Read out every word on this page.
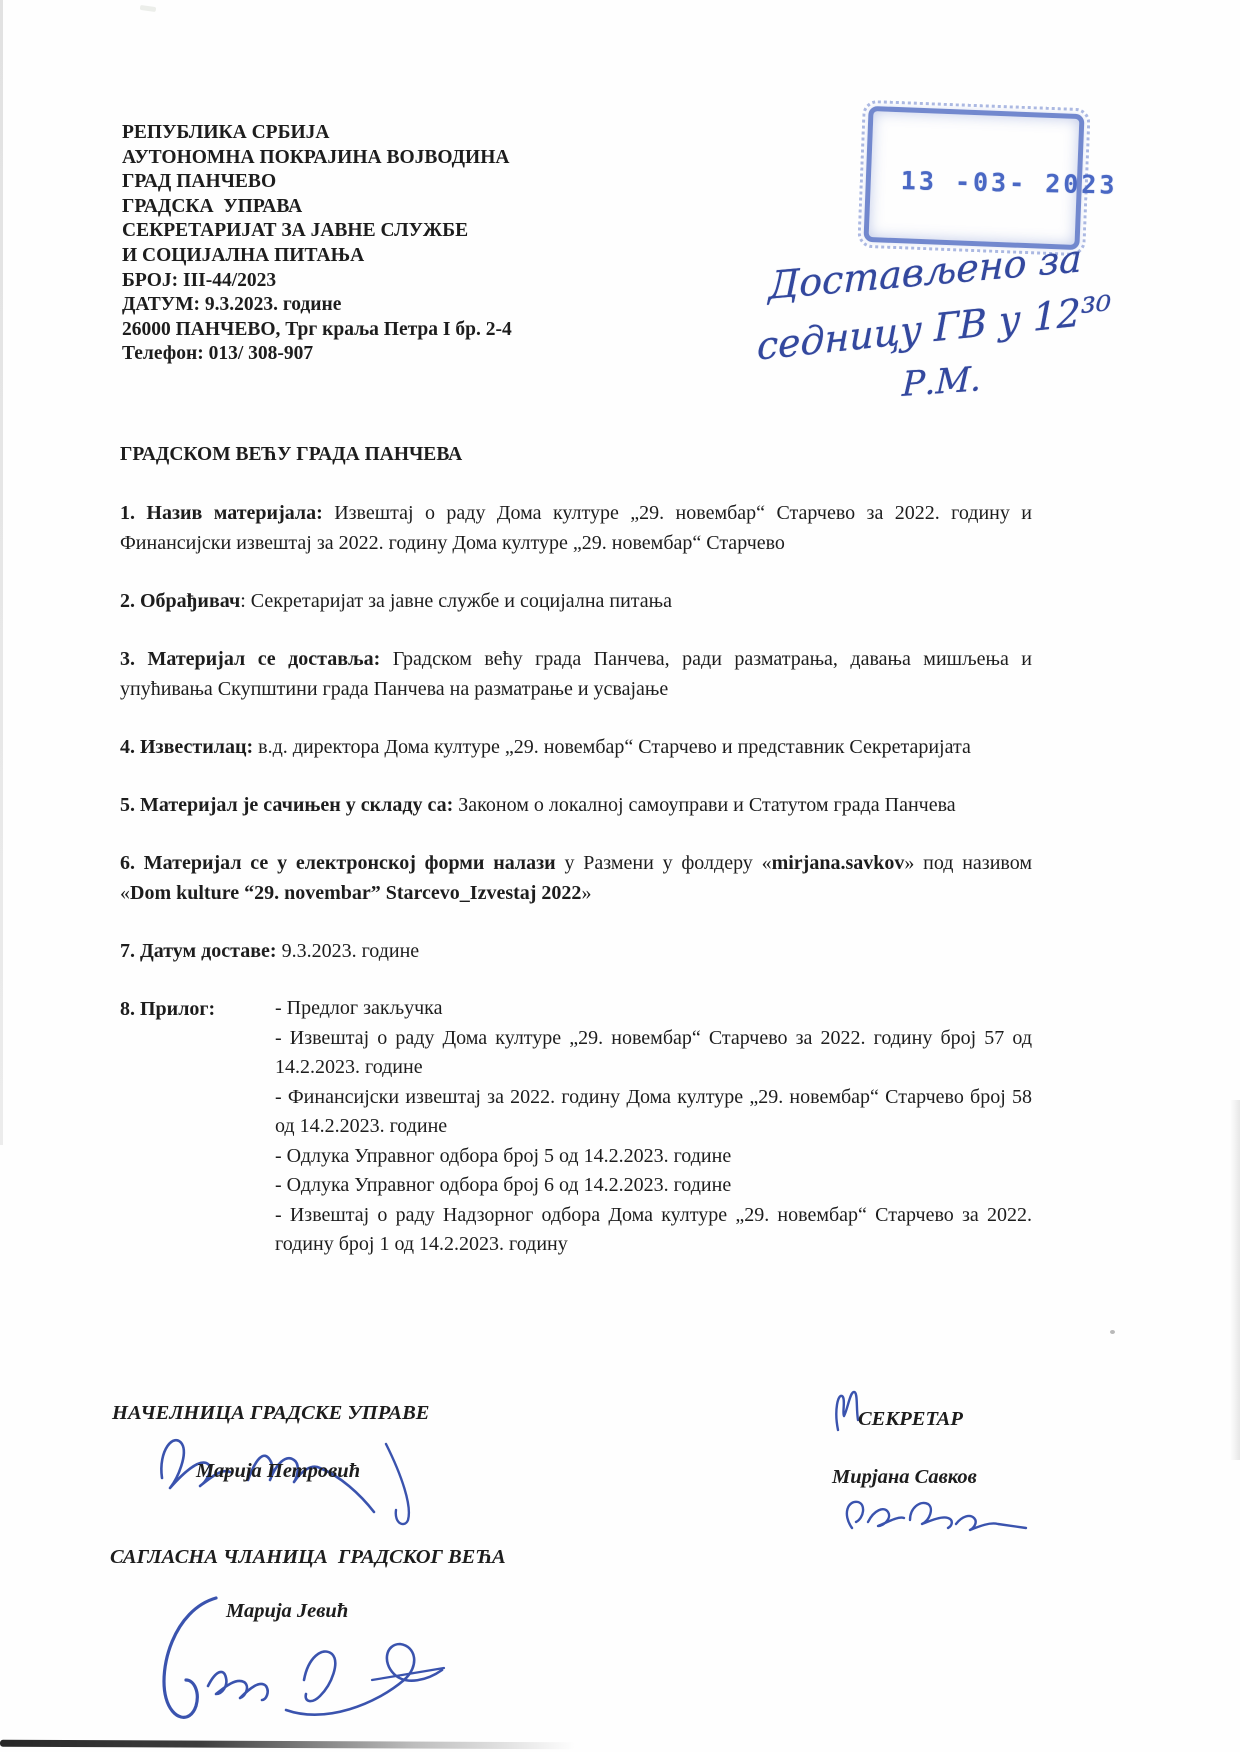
РЕПУБЛИКА СРБИЈА
АУТОНОМНА ПОКРАЈИНА ВОЈВОДИНА
ГРАД ПАНЧЕВО
ГРАДСКА  УПРАВА
СЕКРЕТАРИЈАТ ЗА ЈАВНЕ СЛУЖБЕ
И СОЦИЈАЛНА ПИТАЊА
БРОЈ: III-44/2023
ДАТУМ: 9.3.2023. године
26000 ПАНЧЕВО, Трг краља Петра I бр. 2-4
Телефон: 013/ 308-907
13 -03- 2023
Достављено за
седницу ГВ у 12³⁰
Р.М.
ГРАДСКОМ ВЕЋУ ГРАДА ПАНЧЕВА
1. Назив материјала: Извештај о раду Дома културе „29. новембар“ Старчево за 2022. годину и Финансијски извештај за 2022. годину Дома културе „29. новембар“ Старчево
2. Обрађивач: Секретаријат за јавне службе и социјална питања
3. Материјал се доставља: Градском већу града Панчева, ради разматрања, давања мишљења и упућивања Скупштини града Панчева на разматрање и усвајање
4. Известилац: в.д. директора Дома културе „29. новембар“ Старчево и представник Секретаријата
5. Материјал је сачињен у складу са: Законом о локалној самоуправи и Статутом града Панчева
6. Материјал се у електронској форми налази у Размени у фолдеру «mirjana.savkov» под називом «Dom kulture “29. novembar” Starcevo_Izvestaj 2022»
7. Датум доставе: 9.3.2023. године
8. Прилог:	- Предлог закључка
- Извештај о раду Дома културе „29. новембар“ Старчево за 2022. годину број 57 од 14.2.2023. године
- Финансијски извештај за 2022. годину Дома културе „29. новембар“ Старчево број 58 од 14.2.2023. године
- Одлука Управног одбора број 5 од 14.2.2023. године
- Одлука Управног одбора број 6 од 14.2.2023. године
- Извештај о раду Надзорног одбора Дома културе „29. новембар“ Старчево за 2022. годину број 1 од 14.2.2023. годину
НАЧЕЛНИЦА ГРАДСКЕ УПРАВЕ
Марија Петровић
СЕКРЕТАР
Мирјана Савков
САГЛАСНА ЧЛАНИЦА  ГРАДСКОГ ВЕЋА
Марија Јевић
